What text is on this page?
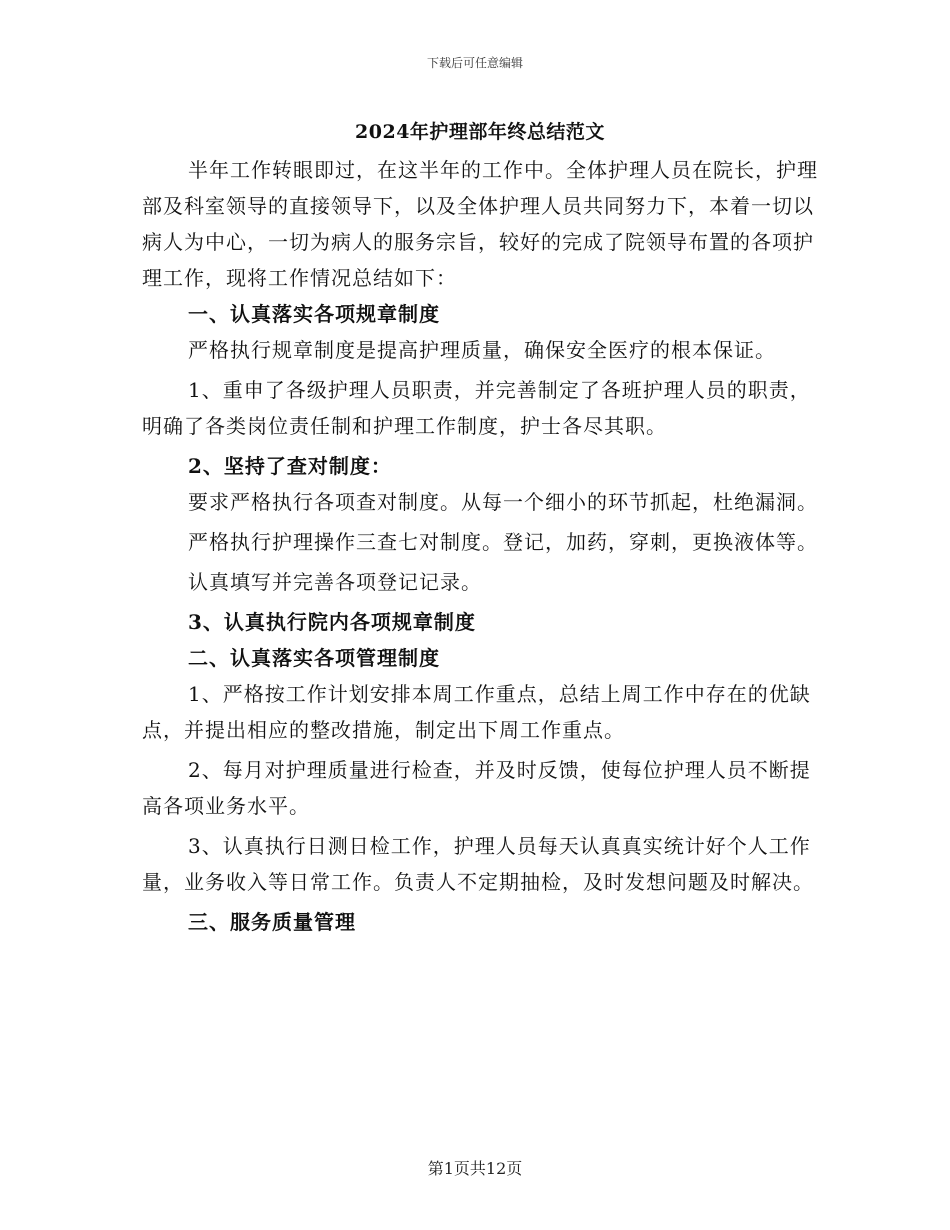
下载后可任意编辑
2024年护理部年终总结范文

半年工作转眼即过，在这半年的工作中。全体护理人员在院长，护理部及科室领导的直接领导下，以及全体护理人员共同努力下，本着一切以病人为中心，一切为病人的服务宗旨，较好的完成了院领导布置的各项护理工作，现将工作情况总结如下：

一、认真落实各项规章制度

严格执行规章制度是提高护理质量，确保安全医疗的根本保证。

1、重申了各级护理人员职责，并完善制定了各班护理人员的职责，明确了各类岗位责任制和护理工作制度，护士各尽其职。

2、坚持了查对制度：

要求严格执行各项查对制度。从每一个细小的环节抓起，杜绝漏洞。

严格执行护理操作三查七对制度。登记，加药，穿刺，更换液体等。

认真填写并完善各项登记记录。

3、认真执行院内各项规章制度

二、认真落实各项管理制度

1、严格按工作计划安排本周工作重点，总结上周工作中存在的优缺点，并提出相应的整改措施，制定出下周工作重点。

2、每月对护理质量进行检查，并及时反馈，使每位护理人员不断提高各项业务水平。

3、认真执行日测日检工作，护理人员每天认真真实统计好个人工作量，业务收入等日常工作。负责人不定期抽检，及时发想问题及时解决。

三、服务质量管理

第1页共12页
